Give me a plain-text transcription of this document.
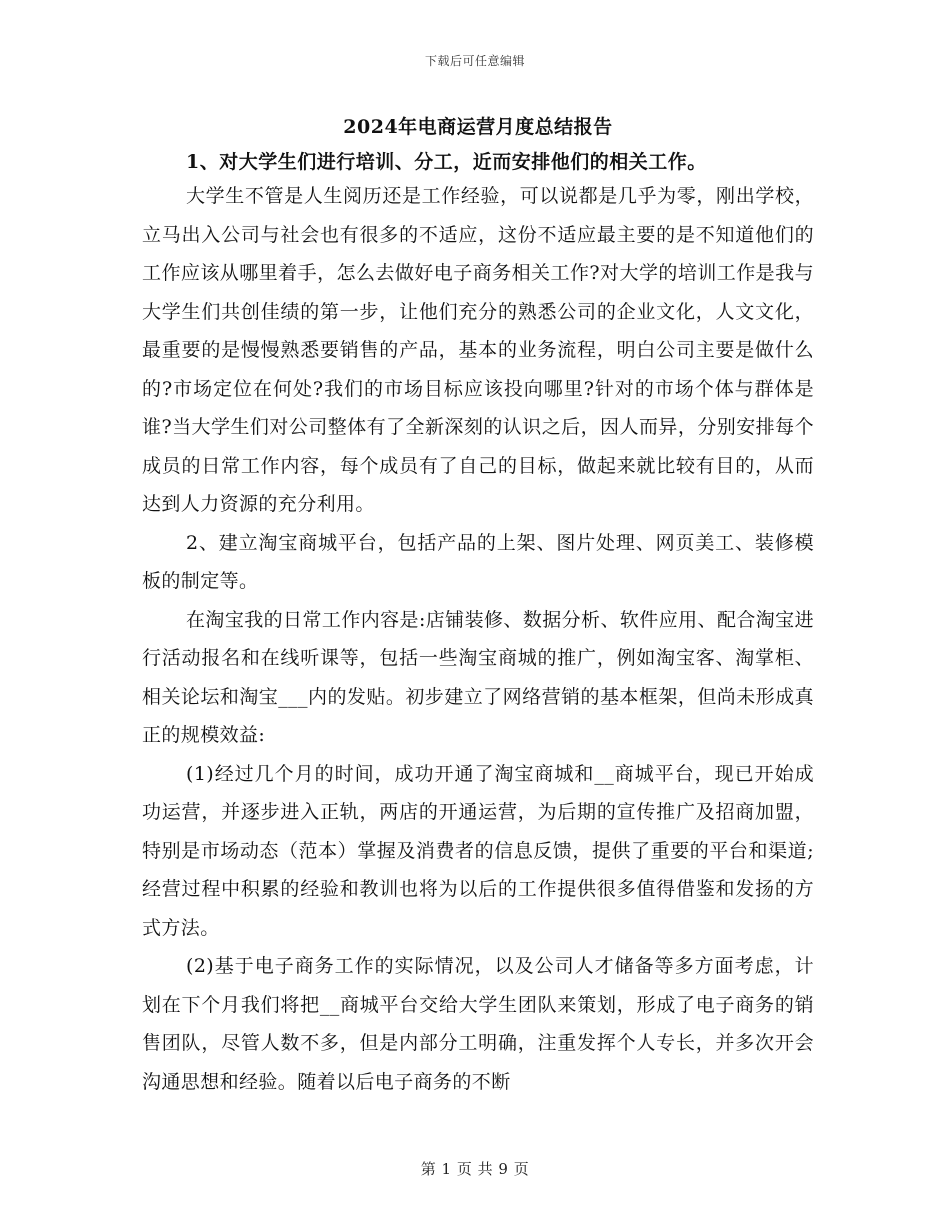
下载后可任意编辑
2024年电商运营月度总结报告

1、对大学生们进行培训、分工，近而安排他们的相关工作。

大学生不管是人生阅历还是工作经验，可以说都是几乎为零，刚出学校，立马出入公司与社会也有很多的不适应，这份不适应最主要的是不知道他们的工作应该从哪里着手，怎么去做好电子商务相关工作?对大学的培训工作是我与大学生们共创佳绩的第一步，让他们充分的熟悉公司的企业文化，人文文化，最重要的是慢慢熟悉要销售的产品，基本的业务流程，明白公司主要是做什么的?市场定位在何处?我们的市场目标应该投向哪里?针对的市场个体与群体是谁?当大学生们对公司整体有了全新深刻的认识之后，因人而异，分别安排每个成员的日常工作内容，每个成员有了自己的目标，做起来就比较有目的，从而达到人力资源的充分利用。

2、建立淘宝商城平台，包括产品的上架、图片处理、网页美工、装修模板的制定等。

在淘宝我的日常工作内容是:店铺装修、数据分析、软件应用、配合淘宝进行活动报名和在线听课等，包括一些淘宝商城的推广，例如淘宝客、淘掌柜、相关论坛和淘宝___内的发贴。初步建立了网络营销的基本框架，但尚未形成真正的规模效益:

(1)经过几个月的时间，成功开通了淘宝商城和__商城平台，现已开始成功运营，并逐步进入正轨，两店的开通运营，为后期的宣传推广及招商加盟，特别是市场动态（范本）掌握及消费者的信息反馈，提供了重要的平台和渠道;经营过程中积累的经验和教训也将为以后的工作提供很多值得借鉴和发扬的方式方法。

(2)基于电子商务工作的实际情况，以及公司人才储备等多方面考虑，计划在下个月我们将把__商城平台交给大学生团队来策划，形成了电子商务的销售团队，尽管人数不多，但是内部分工明确，注重发挥个人专长，并多次开会沟通思想和经验。随着以后电子商务的不断

第 1 页 共 9 页
